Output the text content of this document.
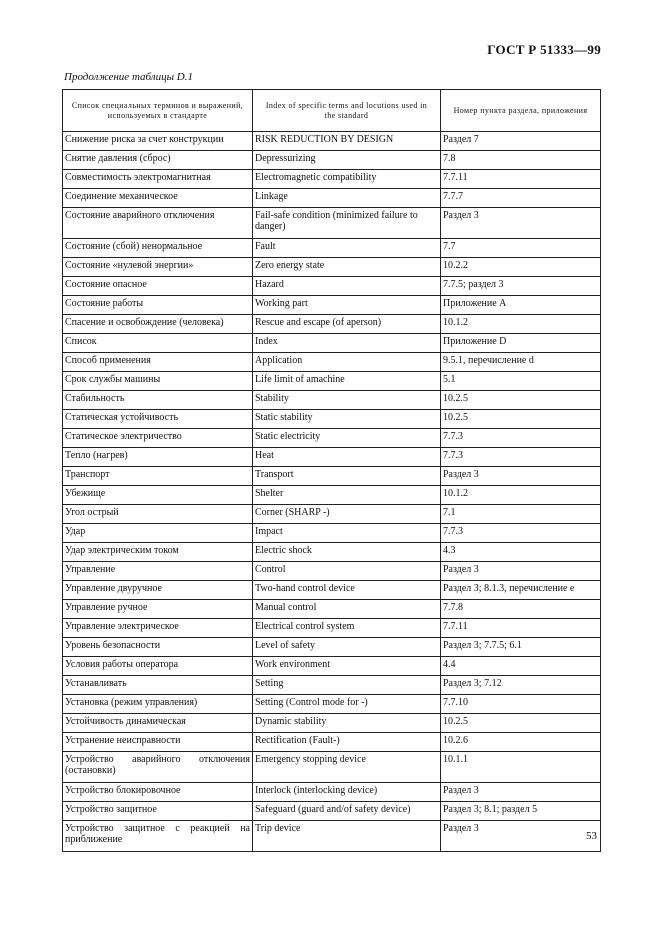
ГОСТ Р 51333—99
Продолжение таблицы D.1
Список специальных терминов и выражений, используемых в стандарте	Index of specific terms and locutions used in the standard	Номер пункта раздела, приложения
Снижение риска за счет конструкции	RISK REDUCTION BY DESIGN	Раздел 7
Снятие давления (сброс)	Depressurizing	7.8
Совместимость электромагнитная	Electromagnetic compatibility	7.7.11
Соединение механическое	Linkage	7.7.7
Состояние аварийного отключения	Fail-safe condition (minimized failure to danger)	Раздел 3
Состояние (сбой) ненормальное	Fault	7.7
Состояние «нулевой энергии»	Zero energy state	10.2.2
Состояние опасное	Hazard	7.7.5; раздел 3
Состояние работы	Working part	Приложение A
Спасение и освобождение (человека)	Rescue and escape (of aperson)	10.1.2
Список	Index	Приложение D
Способ применения	Application	9.5.1, перечисление d
Срок службы машины	Life limit of amachine	5.1
Стабильность	Stability	10.2.5
Статическая устойчивость	Static stability	10.2.5
Статическое электричество	Static electricity	7.7.3
Тепло (нагрев)	Heat	7.7.3
Транспорт	Transport	Раздел 3
Убежище	Shelter	10.1.2
Угол острый	Corner (SHARP -)	7.1
Удар	Impact	7.7.3
Удар электрическим током	Electric shock	4.3
Управление	Control	Раздел 3
Управление двуручное	Two-hand control device	Раздел 3; 8.1.3, перечисление е
Управление ручное	Manual control	7.7.8
Управление электрическое	Electrical control system	7.7.11
Уровень безопасности	Level of safety	Раздел 3; 7.7.5; 6.1
Условия работы оператора	Work environment	4.4
Устанавливать	Setting	Раздел 3; 7.12
Установка (режим управления)	Setting (Control mode for -)	7.7.10
Устойчивость динамическая	Dynamic stability	10.2.5
Устранение неисправности	Rectification (Fault-)	10.2.6
Устройство аварийного отключения (остановки)	Emergency stopping device	10.1.1
Устройство блокировочное	Interlock (interlocking device)	Раздел 3
Устройство защитное	Safeguard (guard and/of safety device)	Раздел 3; 8.1; раздел 5
Устройство защитное с реакцией на приближение	Trip device	Раздел 3
53
